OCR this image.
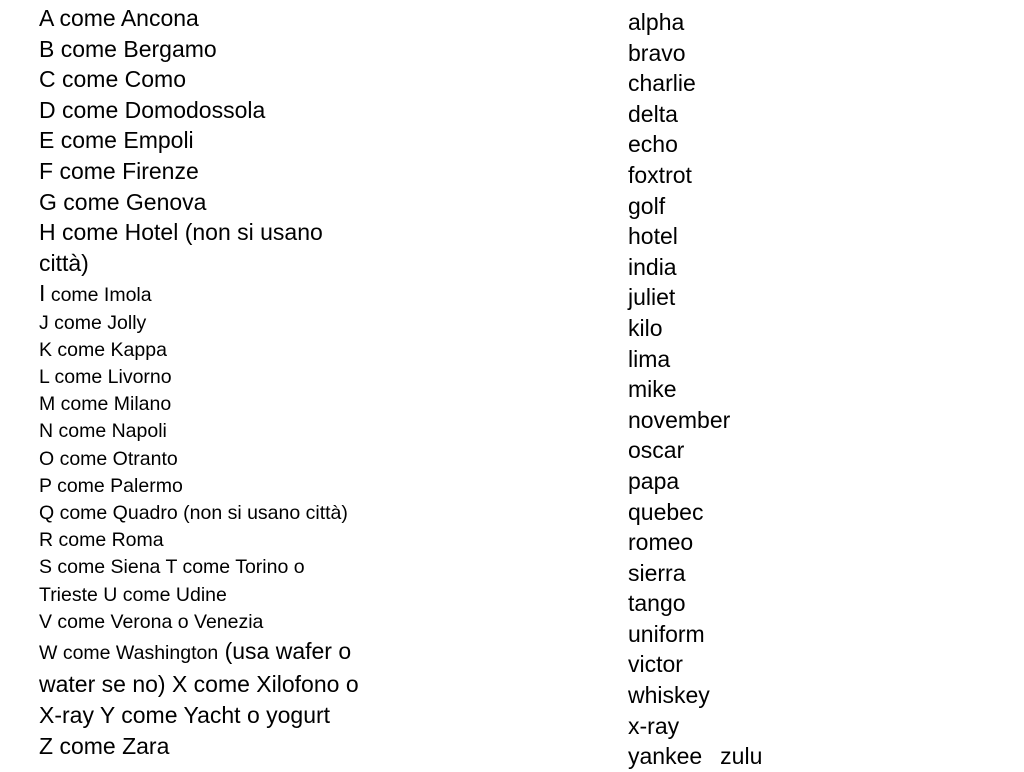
A come Ancona
B come Bergamo
C come Como
D come Domodossola
E come Empoli
F come Firenze
G come Genova
H come Hotel (non si usano
città)
I come Imola
J come Jolly
K come Kappa
L come Livorno
M come Milano
N come Napoli
O come Otranto
P come Palermo
Q come Quadro (non si usano città)
R come Roma
S come Siena T come Torino o
Trieste U come Udine
V come Verona o Venezia
W come Washington (usa wafer o
water se no) X come Xilofono o
X-ray Y come Yacht o yogurt
Z come Zara
alpha
bravo
charlie
delta
echo
foxtrot
golf
hotel
india
juliet
kilo
lima
mike
november
oscar
papa
quebec
romeo
sierra
tango
uniform
victor
whiskey
x-ray
yankee zulu
